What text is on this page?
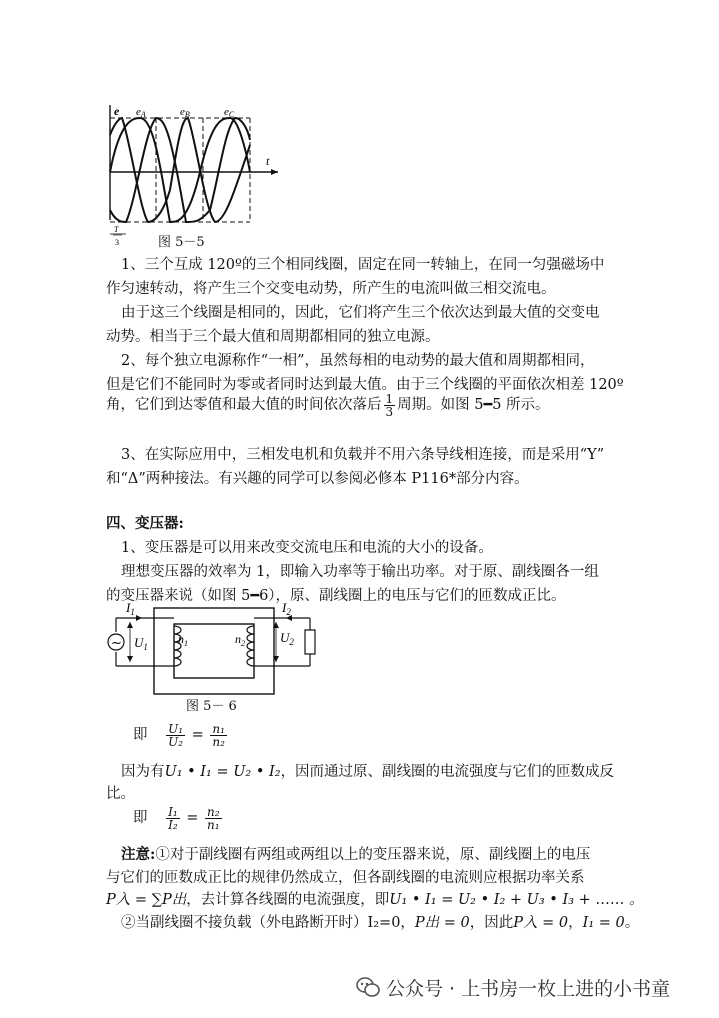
e eA	eB	eC
t
T
3	图 5－5
1、三个互成 120º的三个相同线圈，固定在同一转轴上，在同一匀强磁场中
作匀速转动，将产生三个交变电动势，所产生的电流叫做三相交流电。
由于这三个线圈是相同的，因此，它们将产生三个依次达到最大值的交变电
动势。相当于三个最大值和周期都相同的独立电源。
2、每个独立电源称作“一相”，虽然每相的电动势的最大值和周期都相同，
但是它们不能同时为零或者同时达到最大值。由于三个线圈的平面依次相差 120º
角，它们到达零值和最大值的时间依次落后 $\frac{1}{3}$ 周期。如图 5━5 所示。
3、在实际应用中，三相发电机和负载并不用六条导线相连接，而是采用“Y”
和“Δ”两种接法。有兴趣的同学可以参阅必修本 P116*部分内容。
四、变压器:
1、变压器是可以用来改变交流电压和电流的大小的设备。
理想变压器的效率为 1，即输入功率等于输出功率。对于原、副线圈各一组
的变压器来说（如图 5━6），原、副线圈上的电压与它们的匝数成正比。
~
$I_1$	$I_2$
$U_1$
$U_2$
$n_1$	$n_2$
图 5－ 6
即 $\frac{\text{U₁}}{\text{U₂}} = \frac{\text{n₁}}{\text{n₂}}$
因为有U₁ • I₁ = U₂ • I₂，因而通过原、副线圈的电流强度与它们的匝数成反
比。
即 $\frac{\text{I₁}}{\text{I₂}} = \frac{\text{n₂}}{\text{n₁}}$
注意:①对于副线圈有两组或两组以上的变压器来说，原、副线圈上的电压
与它们的匝数成正比的规律仍然成立，但各副线圈的电流则应根据功率关系
P入 = ∑P出，去计算各线圈的电流强度，即U₁ • I₁ = U₂ • I₂ + U₃ • I₃ + …… 。
②当副线圈不接负载（外电路断开时）I₂=0，P出 = 0，因此P入 = 0，I₁ = 0。
公众号 · 上书房一枚上进的小书童
